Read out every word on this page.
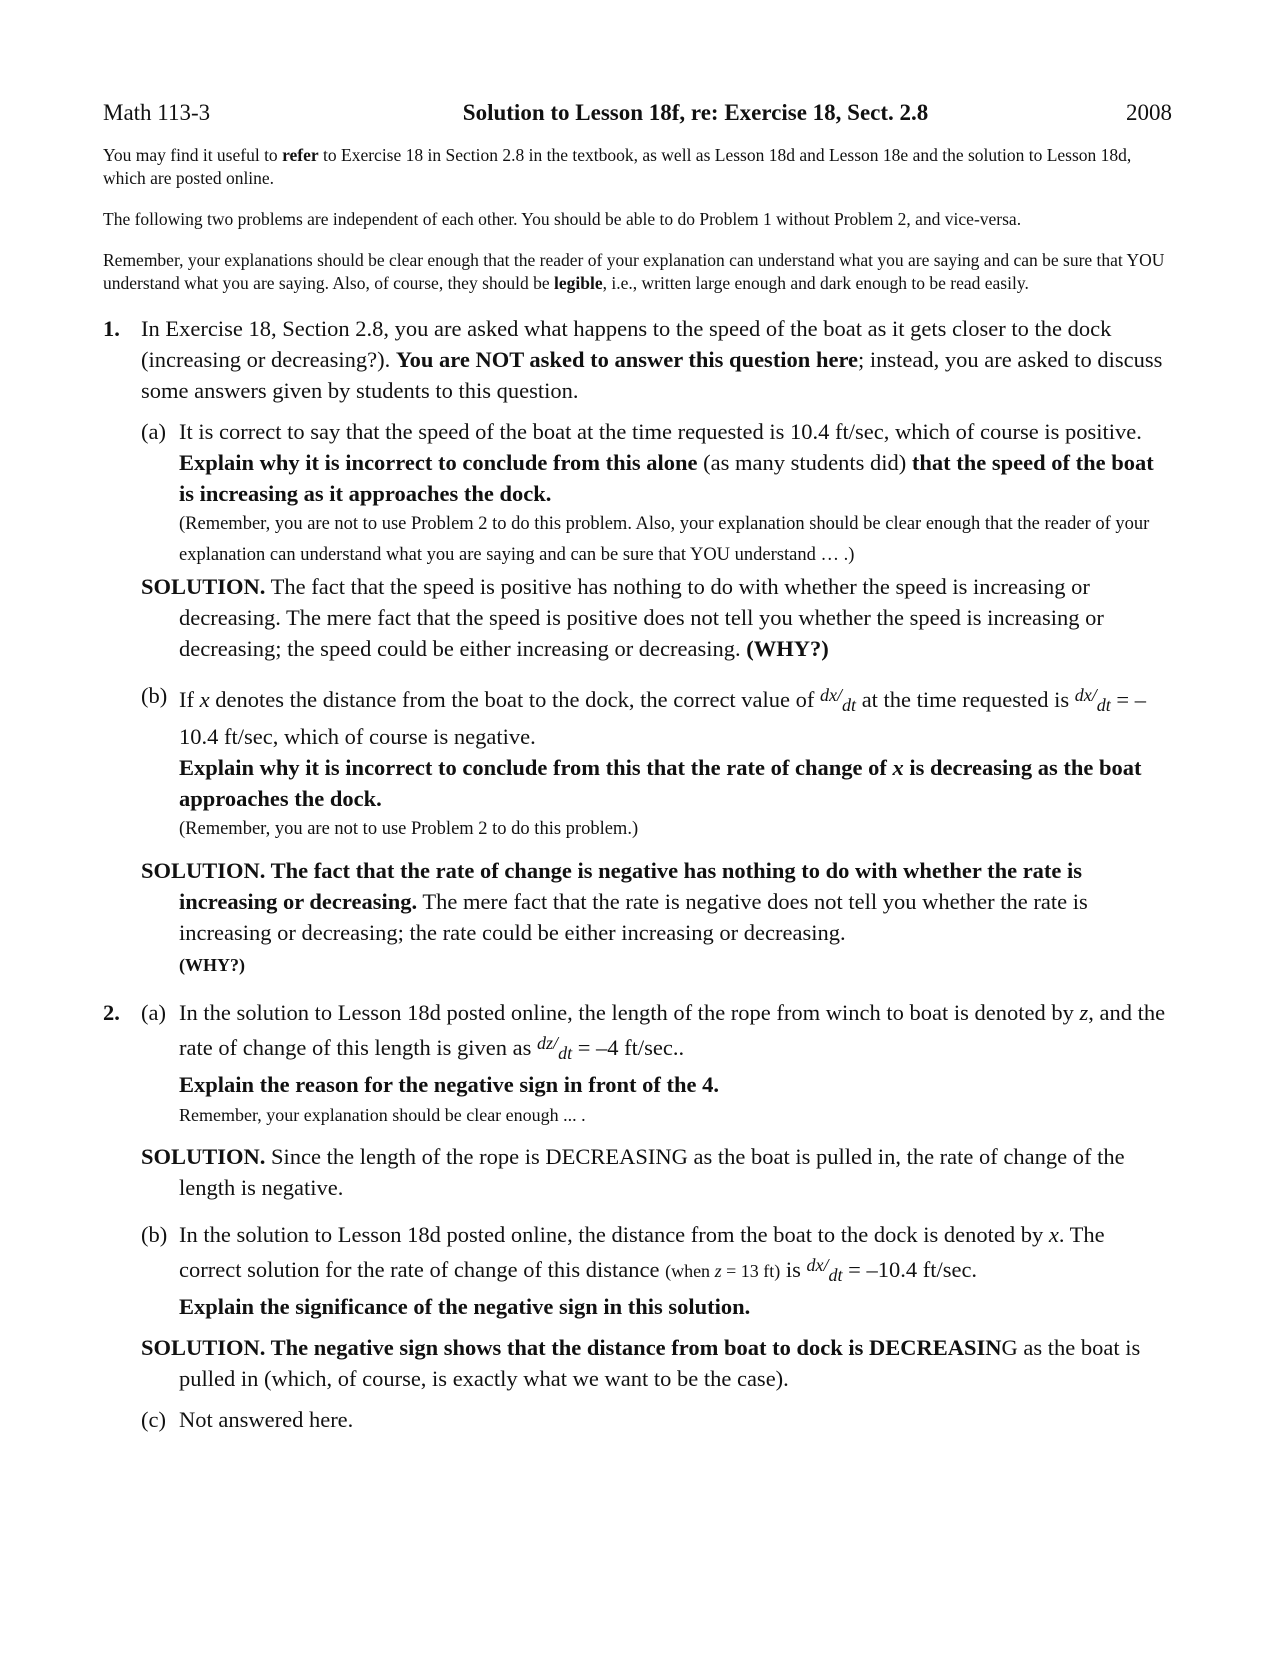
Math 113-3	Solution to Lesson 18f, re: Exercise 18, Sect. 2.8	2008

You may find it useful to refer to Exercise 18 in Section 2.8 in the textbook, as well as Lesson 18d and Lesson 18e and the solution to Lesson 18d, which are posted online.

The following two problems are independent of each other. You should be able to do Problem 1 without Problem 2, and vice-versa.

Remember, your explanations should be clear enough that the reader of your explanation can understand what you are saying and can be sure that YOU understand what you are saying. Also, of course, they should be legible, i.e., written large enough and dark enough to be read easily.

1. In Exercise 18, Section 2.8, you are asked what happens to the speed of the boat as it gets closer to the dock (increasing or decreasing?). You are NOT asked to answer this question here; instead, you are asked to discuss some answers given by students to this question.
(a) It is correct to say that the speed of the boat at the time requested is 10.4 ft/sec, which of course is positive.
Explain why it is incorrect to conclude from this alone (as many students did) that the speed of the boat is increasing as it approaches the dock.
(Remember, you are not to use Problem 2 to do this problem. Also, your explanation should be clear enough that the reader of your explanation can understand what you are saying and can be sure that YOU understand … .)
SOLUTION. The fact that the speed is positive has nothing to do with whether the speed is increasing or decreasing. The mere fact that the speed is positive does not tell you whether the speed is increasing or decreasing; the speed could be either increasing or decreasing. (WHY?)
(b) If x denotes the distance from the boat to the dock, the correct value of $^{dx/dt}$ at the time requested is $^{dx/dt}$ = –10.4 ft/sec, which of course is negative.
Explain why it is incorrect to conclude from this that the rate of change of x is decreasing as the boat approaches the dock.
(Remember, you are not to use Problem 2 to do this problem.)
SOLUTION. The fact that the rate of change is negative has nothing to do with whether the rate is increasing or decreasing. The mere fact that the rate is negative does not tell you whether the rate is increasing or decreasing; the rate could be either increasing or decreasing.
(WHY?)
2. (a) In the solution to Lesson 18d posted online, the length of the rope from winch to boat is denoted by z, and the rate of change of this length is given as $^{dz/dt}$ = –4 ft/sec..
Explain the reason for the negative sign in front of the 4.
Remember, your explanation should be clear enough ... .
SOLUTION. Since the length of the rope is DECREASING as the boat is pulled in, the rate of change of the length is negative.
(b) In the solution to Lesson 18d posted online, the distance from the boat to the dock is denoted by x. The correct solution for the rate of change of this distance (when z = 13 ft) is $^{dx/dt}$ = –10.4 ft/sec.
Explain the significance of the negative sign in this solution.
SOLUTION. The negative sign shows that the distance from boat to dock is DECREASING as the boat is pulled in (which, of course, is exactly what we want to be the case).
(c) Not answered here.
